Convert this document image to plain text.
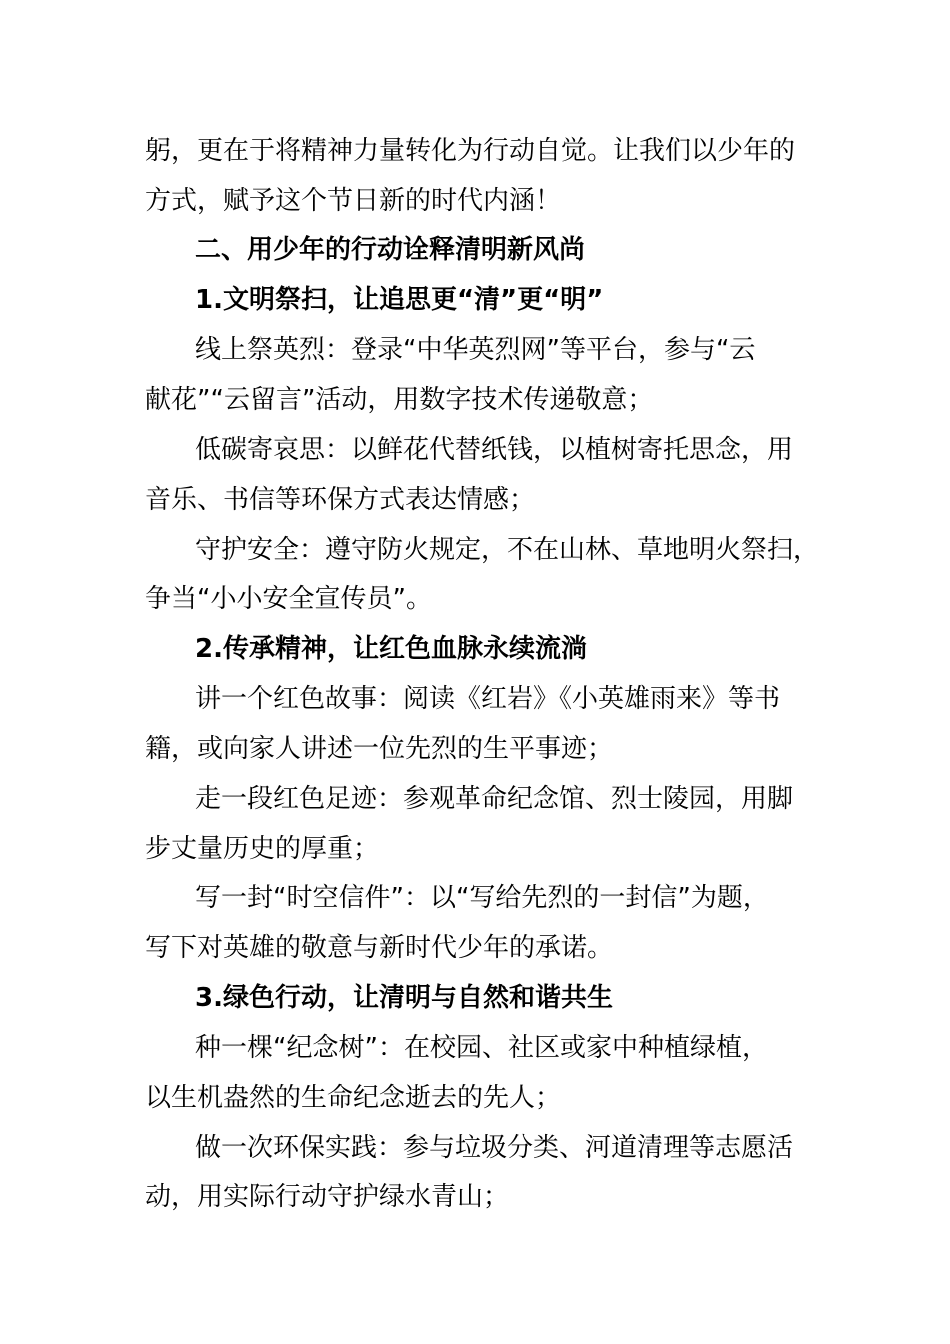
躬，更在于将精神力量转化为行动自觉。让我们以少年的
方式，赋予这个节日新的时代内涵！
二、用少年的行动诠释清明新风尚
1.文明祭扫，让追思更“清”更“明”
线上祭英烈：登录“中华英烈网”等平台，参与“云
献花”“云留言”活动，用数字技术传递敬意；
低碳寄哀思：以鲜花代替纸钱，以植树寄托思念，用
音乐、书信等环保方式表达情感；
守护安全：遵守防火规定，不在山林、草地明火祭扫，
争当“小小安全宣传员”。
2.传承精神，让红色血脉永续流淌
讲一个红色故事：阅读《红岩》《小英雄雨来》等书
籍，或向家人讲述一位先烈的生平事迹；
走一段红色足迹：参观革命纪念馆、烈士陵园，用脚
步丈量历史的厚重；
写一封“时空信件”：以“写给先烈的一封信”为题，
写下对英雄的敬意与新时代少年的承诺。
3.绿色行动，让清明与自然和谐共生
种一棵“纪念树”：在校园、社区或家中种植绿植，
以生机盎然的生命纪念逝去的先人；
做一次环保实践：参与垃圾分类、河道清理等志愿活
动，用实际行动守护绿水青山；
